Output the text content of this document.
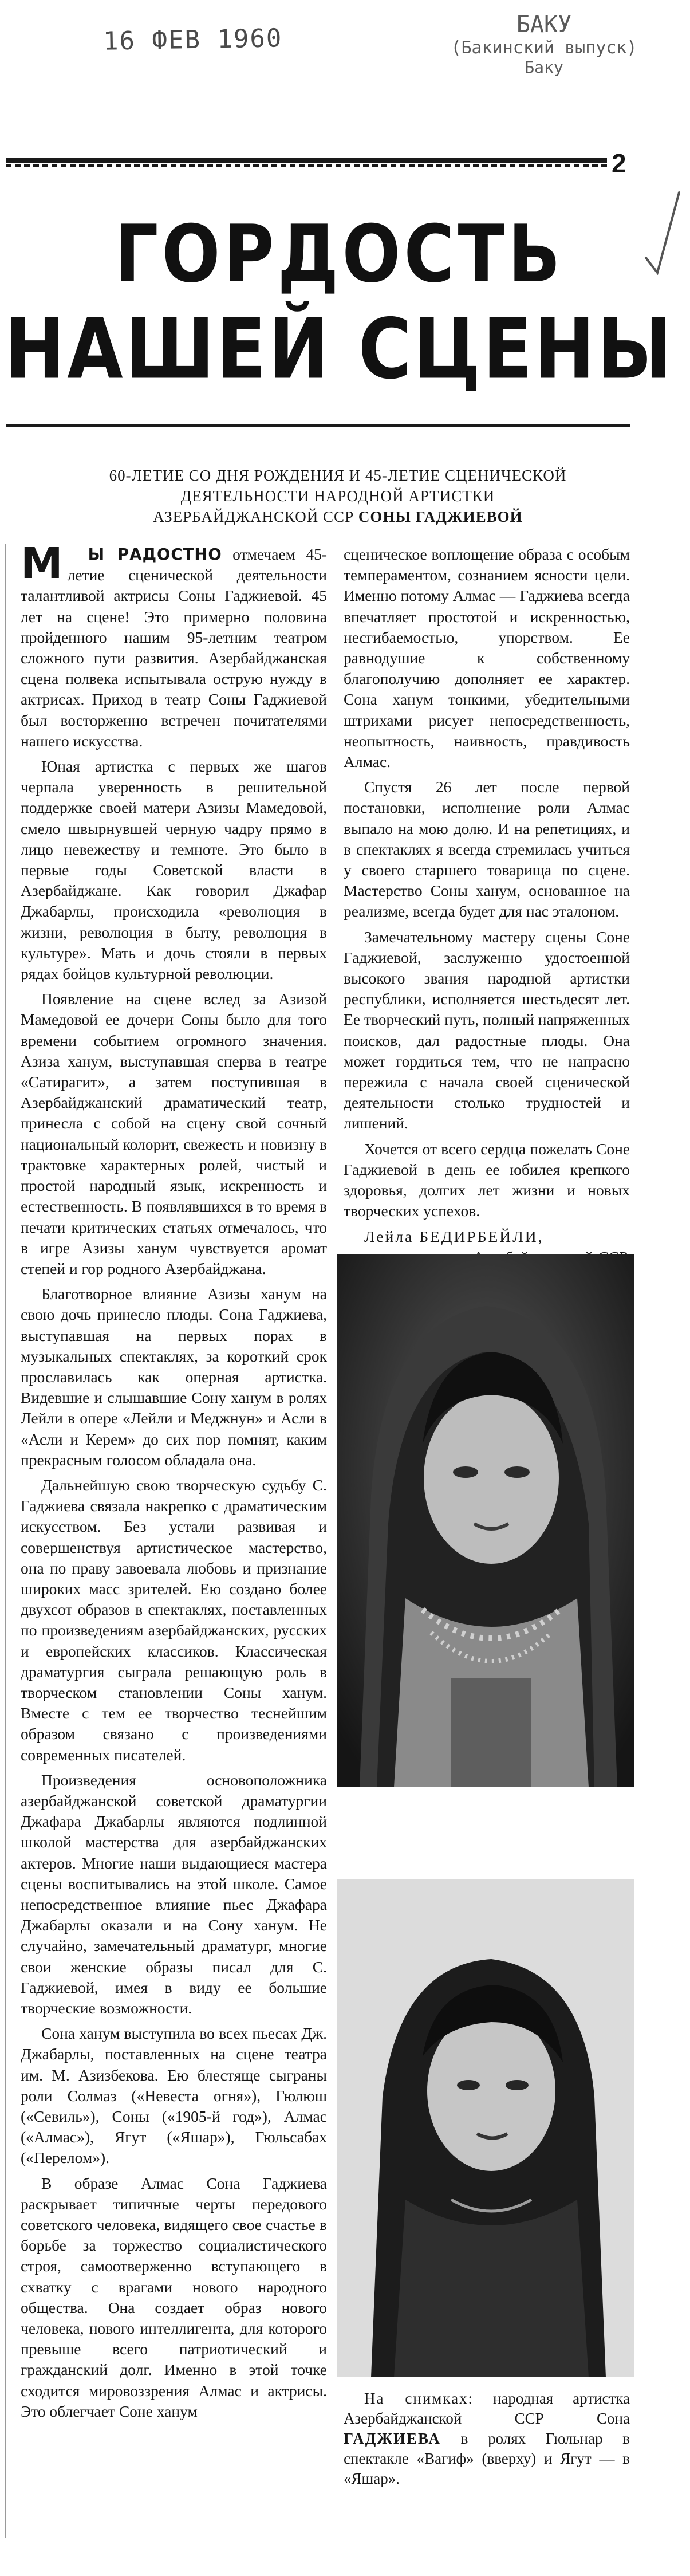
16 ФЕВ 1960	БАКУ
(Бакинский выпуск)
Баку
2
ГОРДОСТЬ
НАШЕЙ СЦЕНЫ
60-ЛЕТИЕ СО ДНЯ РОЖДЕНИЯ И 45-ЛЕТИЕ СЦЕНИЧЕСКОЙ
ДЕЯТЕЛЬНОСТИ НАРОДНОЙ АРТИСТКИ
АЗЕРБАЙДЖАНСКОЙ ССР СОНЫ ГАДЖИЕВОЙ

М Ы РАДОСТНО отмечаем 45-летие сценической деятельности талантливой актрисы Соны Гаджиевой. 45 лет на сцене! Это примерно половина пройденного нашим 95-летним театром сложного пути развития. Азербайджанская сцена полвека испытывала острую нужду в актрисах. Приход в театр Соны Гаджиевой был восторженно встречен почитателями нашего искусства.

Юная артистка с первых же шагов черпала уверенность в решительной поддержке своей матери Азизы Мамедовой, смело швырнувшей черную чадру прямо в лицо невежеству и темноте. Это было в первые годы Советской власти в Азербайджане. Как говорил Джафар Джабарлы, происходила «революция в жизни, революция в быту, революция в культуре». Мать и дочь стояли в первых рядах бойцов культурной революции.

Появление на сцене вслед за Азизой Мамедовой ее дочери Соны было для того времени событием огромного значения. Азиза ханум, выступавшая сперва в театре «Сатирагит», а затем поступившая в Азербайджанский драматический театр, принесла с собой на сцену свой сочный национальный колорит, свежесть и новизну в трактовке характерных ролей, чистый и простой народный язык, искренность и естественность. В появлявшихся в то время в печати критических статьях отмечалось, что в игре Азизы ханум чувствуется аромат степей и гор родного Азербайджана.

Благотворное влияние Азизы ханум на свою дочь принесло плоды. Сона Гаджиева, выступавшая на первых порах в музыкальных спектаклях, за короткий срок прославилась как оперная артистка. Видевшие и слышавшие Сону ханум в ролях Лейли в опере «Лейли и Меджнун» и Асли в «Асли и Керем» до сих пор помнят, каким прекрасным голосом обладала она.

Дальнейшую свою творческую судьбу С. Гаджиева связала накрепко с драматическим искусством. Без устали развивая и совершенствуя артистическое мастерство, она по праву завоевала любовь и признание широких масс зрителей. Ею создано более двухсот образов в спектаклях, поставленных по произведениям азербайджанских, русских и европейских классиков. Классическая драматургия сыграла решающую роль в творческом становлении Соны ханум. Вместе с тем ее творчество теснейшим образом связано с произведениями современных писателей.

Произведения основоположника азербайджанской советской драматургии Джафара Джабарлы являются подлинной школой мастерства для азербайджанских актеров. Многие наши выдающиеся мастера сцены воспитывались на этой школе. Самое непосредственное влияние пьес Джафара Джабарлы оказали и на Сону ханум. Не случайно, замечательный драматург, многие свои женские образы писал для С. Гаджиевой, имея в виду ее большие творческие возможности.

Сона ханум выступила во всех пьесах Дж. Джабарлы, поставленных на сцене театра им. М. Азизбекова. Ею блестяще сыграны роли Солмаз («Невеста огня»), Гюлюш («Севиль»), Соны («1905-й год»), Алмас («Алмас»), Ягут («Яшар»), Гюльсабах («Перелом»).

В образе Алмас Сона Гаджиева раскрывает типичные черты передового советского человека, видящего свое счастье в борьбе за торжество социалистического строя, самоотверженно вступающего в схватку с врагами нового народного общества. Она создает образ нового человека, нового интеллигента, для которого превыше всего патриотический и гражданский долг. Именно в этой точке сходится мировоззрения Алмас и актрисы. Это облегчает Соне ханум

сценическое воплощение образа с особым темпераментом, сознанием ясности цели. Именно потому Алмас — Гаджиева всегда впечатляет простотой и искренностью, несгибаемостью, упорством. Ее равнодушие к собственному благополучию дополняет ее характер. Сона ханум тонкими, убедительными штрихами рисует непосредственность, неопытность, наивность, правдивость Алмас.

Спустя 26 лет после первой постановки, исполнение роли Алмас выпало на мою долю. И на репетициях, и в спектаклях я всегда стремилась учиться у своего старшего товарища по сцене. Мастерство Соны ханум, основанное на реализме, всегда будет для нас эталоном.

Замечательному мастеру сцены Соне Гаджиевой, заслуженно удостоенной высокого звания народной артистки республики, исполняется шестьдесят лет. Ее творческий путь, полный напряженных поисков, дал радостные плоды. Она может гордиться тем, что не напрасно пережила с начала своей сценической деятельности столько трудностей и лишений.

Хочется от всего сердца пожелать Соне Гаджиевой в день ее юбилея крепкого здоровья, долгих лет жизни и новых творческих успехов.

Лейла БЕДИРБЕЙЛИ,

На снимках: народная артистка Азербайджанской ССР Сона ГАДЖИЕВА в ролях Гюльнар в спектакле «Вагиф» (вверху) и Ягут — в «Яшар».
